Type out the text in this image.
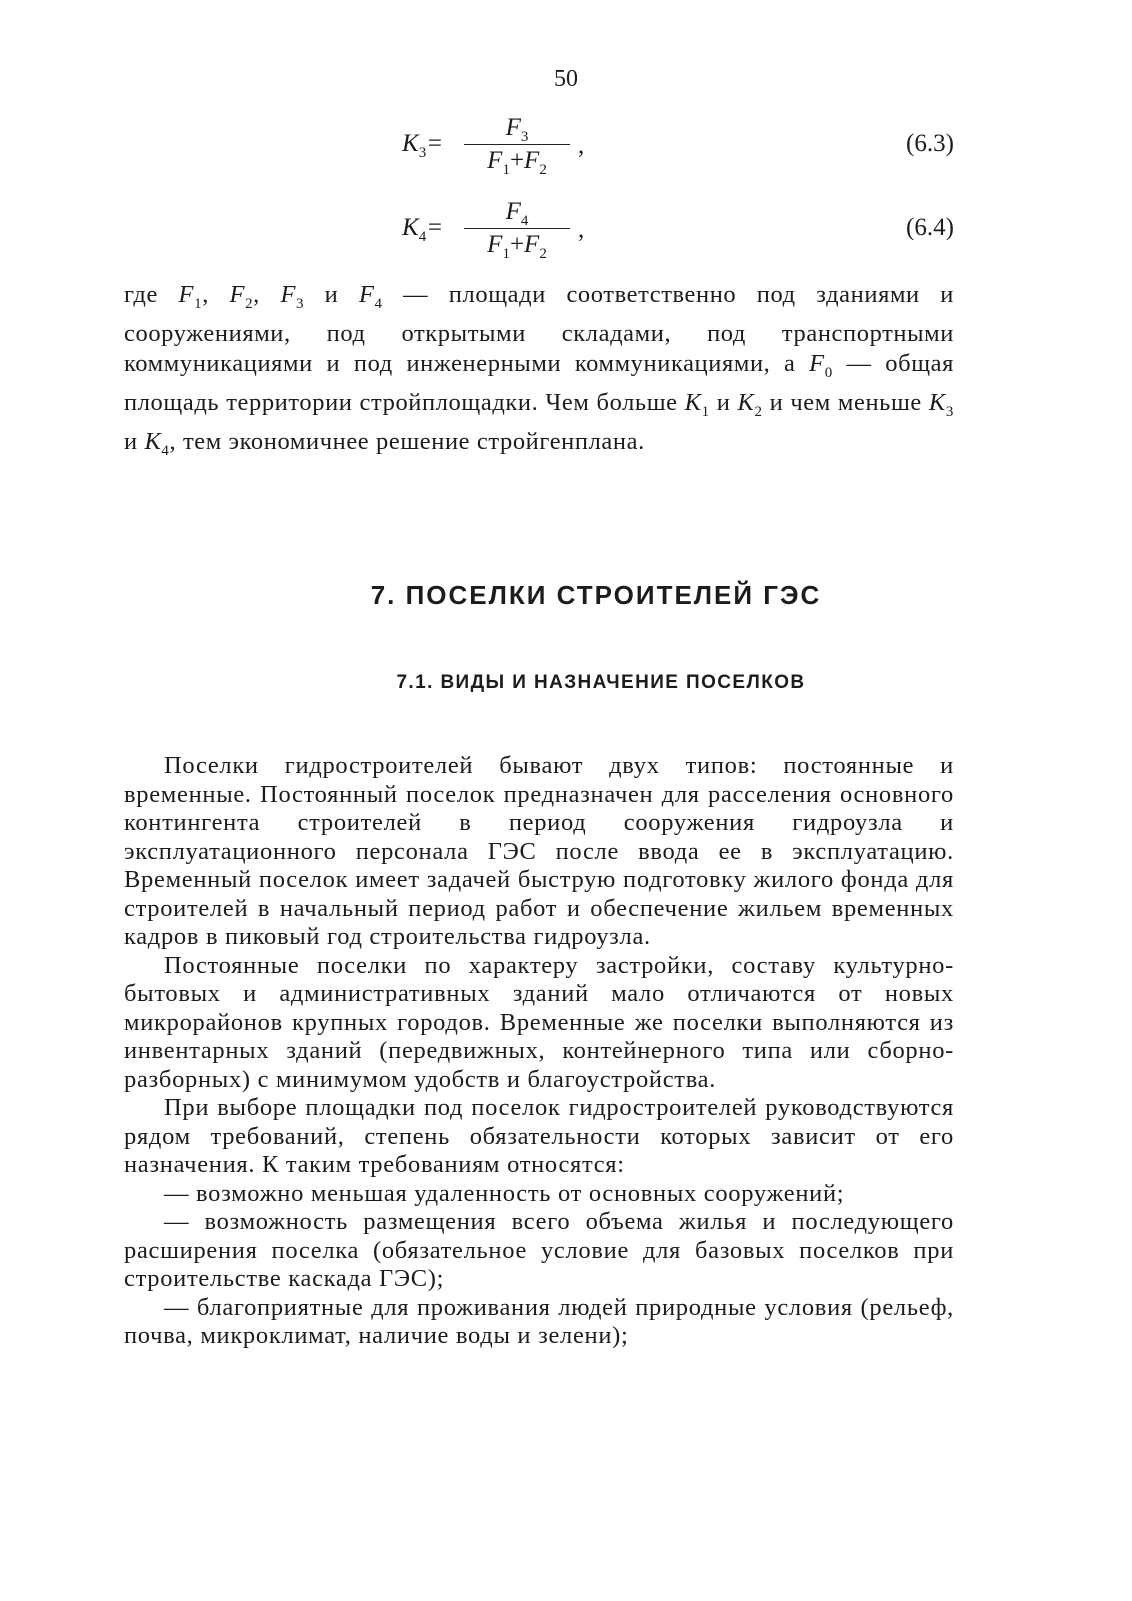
50
$K_3=$
$F_3$
$F_1+F_2$
,	(6.3)
$K_4=$
$F_4$
$F_1+F_2$
,	(6.4)
где $F_1$, $F_2$, $F_3$ и $F_4$ — площади соответственно под зданиями и сооружениями, под открытыми складами, под транспортными коммуникациями и под инженерными коммуникациями, а $F_0$ — общая площадь территории стройплощадки. Чем больше $K_1$ и $K_2$ и чем меньше $K_3$ и $K_4$, тем экономичнее решение стройгенплана.
7. ПОСЕЛКИ СТРОИТЕЛЕЙ ГЭС
7.1. ВИДЫ И НАЗНАЧЕНИЕ ПОСЕЛКОВ

Поселки гидростроителей бывают двух типов: постоянные и временные. Постоянный поселок предназначен для расселения основного контингента строителей в период сооружения гидроузла и эксплуатационного персонала ГЭС после ввода ее в эксплуатацию. Временный поселок имеет задачей быструю подготовку жилого фонда для строителей в начальный период работ и обеспечение жильем временных кадров в пиковый год строительства гидроузла.

Постоянные поселки по характеру застройки, составу культурно-бытовых и административных зданий мало отличаются от новых микрорайонов крупных городов. Временные же поселки выполняются из инвентарных зданий (передвижных, контейнерного типа или сборно-разборных) с минимумом удобств и благоустройства.

При выборе площадки под поселок гидростроителей руководствуются рядом требований, степень обязательности которых зависит от его назначения. К таким требованиям относятся:

— возможно меньшая удаленность от основных сооружений;

— возможность размещения всего объема жилья и последующего расширения поселка (обязательное условие для базовых поселков при строительстве каскада ГЭС);

— благоприятные для проживания людей природные условия (рельеф, почва, микроклимат, наличие воды и зелени);
